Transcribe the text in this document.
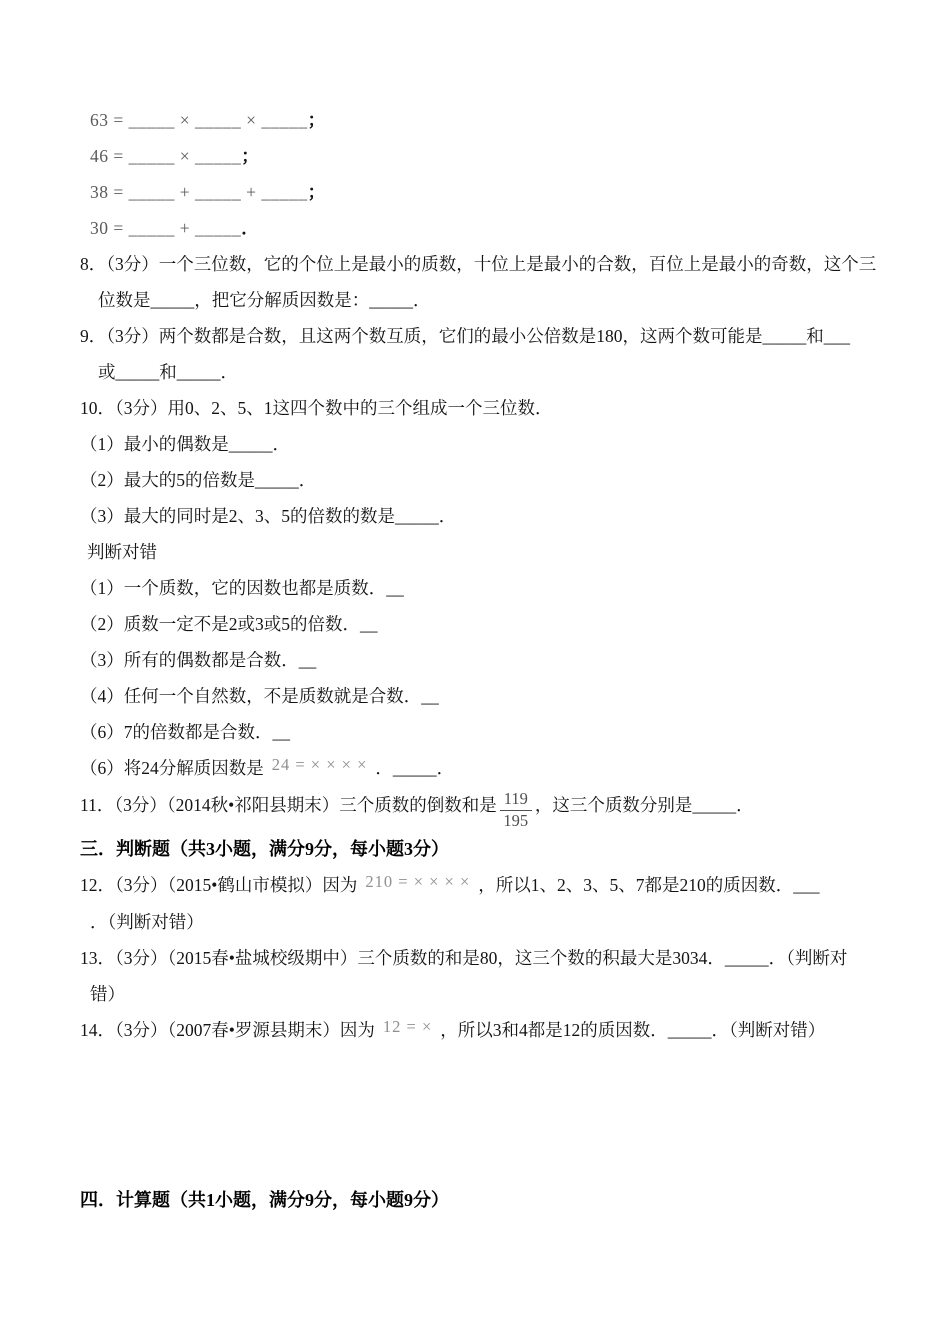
63 = _____ × _____ × _____；
46 = _____ × _____；
38 = _____ + _____ + _____；
30 = _____ + _____．
8．（3分）一个三位数，它的个位上是最小的质数，十位上是最小的合数，百位上是最小的奇数，这个三
位数是_____，把它分解质因数是：_____．
9．（3分）两个数都是合数，且这两个数互质，它们的最小公倍数是180，这两个数可能是_____和___
或_____和_____．
10．（3分）用0、2、5、1这四个数中的三个组成一个三位数．
（1）最小的偶数是_____．
（2）最大的5的倍数是_____．
（3）最大的同时是2、3、5的倍数的数是_____．
判断对错
（1）一个质数，它的因数也都是质数．__
（2）质数一定不是2或3或5的倍数．__
（3）所有的偶数都是合数．__
（4）任何一个自然数，不是质数就是合数．__
（6）7的倍数都是合数．__
（6）将24分解质因数是 24 = × × × × ．_____．
11．（3分）（2014秋•祁阳县期末）三个质数的倒数和是 $\frac{119}{195}$ ，这三个质数分别是_____．
三．判断题（共3小题，满分9分，每小题3分）
12．（3分）（2015•鹤山市模拟）因为 210 = × × × × ，所以1、2、3、5、7都是210的质因数．___
．（判断对错）
13．（3分）（2015春•盐城校级期中）三个质数的和是80，这三个数的积最大是3034．_____．（判断对
错）
14．（3分）（2007春•罗源县期末）因为 12 = × ，所以3和4都是12的质因数．_____．（判断对错）
四．计算题（共1小题，满分9分，每小题9分）
